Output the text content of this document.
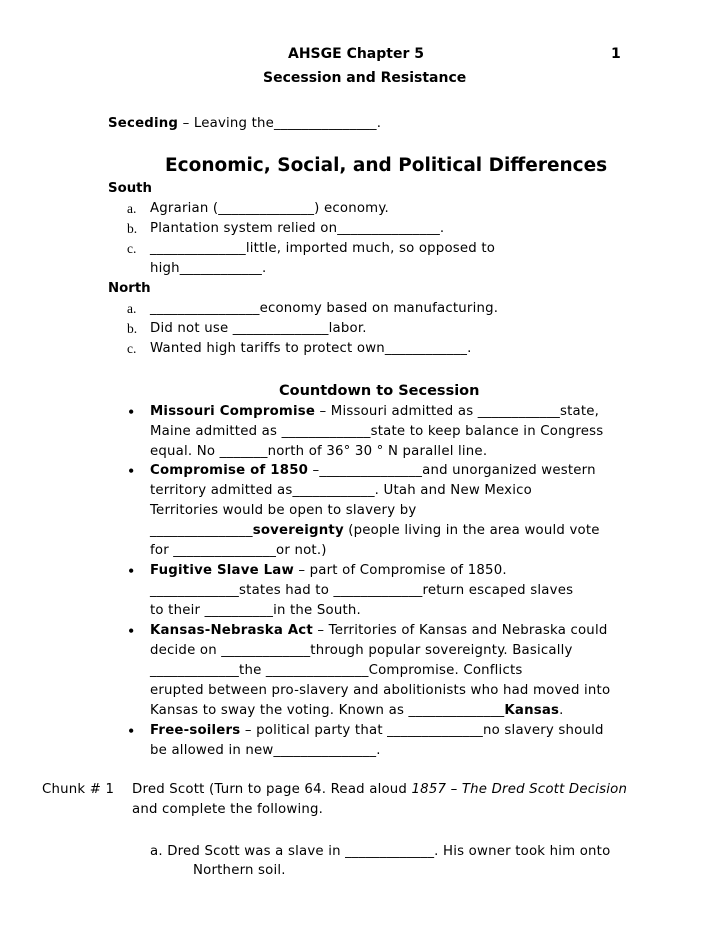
AHSGE Chapter 5	1
Secession and Resistance
Seceding – Leaving the_______________.
Economic, Social, and Political Differences
South
a. Agrarian (______________) economy.
b. Plantation system relied on_______________.
c. ______________little, imported much, so opposed to
high____________.
North
a. ________________economy based on manufacturing.
b. Did not use ______________labor.
c. Wanted high tariffs to protect own____________.
Countdown to Secession
• Missouri Compromise – Missouri admitted as ____________state,
Maine admitted as _____________state to keep balance in Congress
equal. No _______north of 36° 30 ° N parallel line.
• Compromise of 1850 –_______________and unorganized western
territory admitted as____________. Utah and New Mexico
Territories would be open to slavery by
_______________sovereignty (people living in the area would vote
for _______________or not.)
• Fugitive Slave Law – part of Compromise of 1850.
_____________states had to _____________return escaped slaves
to their __________in the South.
• Kansas-Nebraska Act – Territories of Kansas and Nebraska could
decide on _____________through popular sovereignty. Basically
_____________the _______________Compromise. Conflicts
erupted between pro-slavery and abolitionists who had moved into
Kansas to sway the voting. Known as ______________Kansas.
• Free-soilers – political party that ______________no slavery should
be allowed in new_______________.
Chunk # 1 Dred Scott (Turn to page 64. Read aloud 1857 – The Dred Scott Decision
and complete the following.
a. Dred Scott was a slave in _____________. His owner took him onto
Northern soil.
